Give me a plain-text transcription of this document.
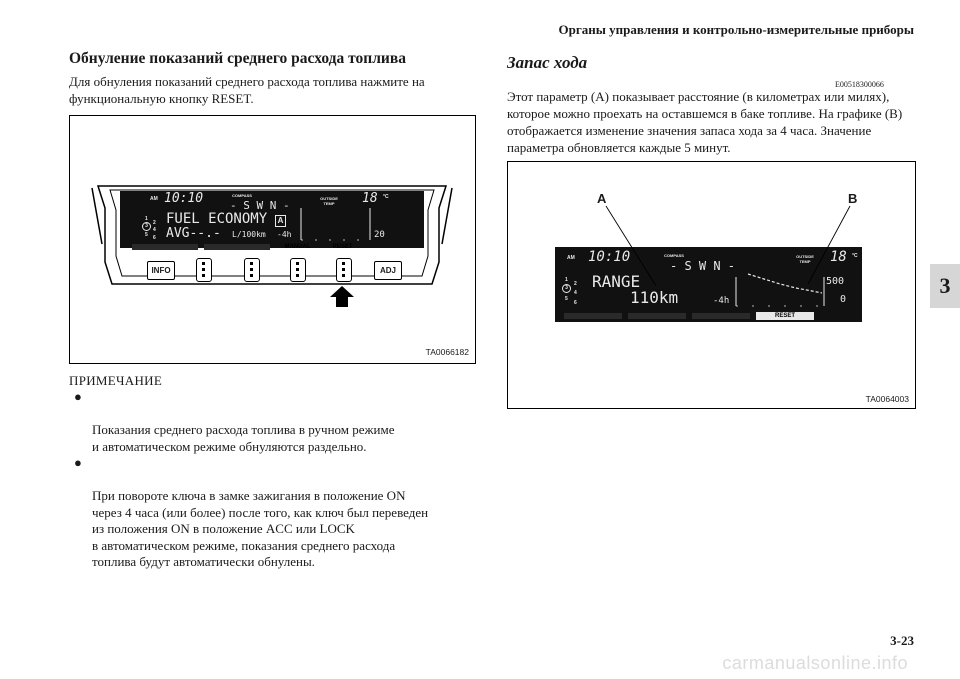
Органы управления и контрольно-измерительные приборы
3
3-23
carmanualsonline.info
Обнуление показаний среднего расхода топлива
Для обнуления показаний среднего расхода топлива нажмите на функциональную кнопку RESET.
AM 10:10	COMPASS
- S W N -
OUTSIDE TEMP	18 °C
1
2
3
4
5 6
FUEL ECONOMY	A
AVG--.- L/100km -4h	20
MANUAL	RESET
INFO	ADJ
TA0066182
ПРИМЕЧАНИЕ

●

Показания среднего расхода топлива в ручном режиме
и автоматическом режиме обнуляются раздельно.

●

При повороте ключа в замке зажигания в положение ON
через 4 часа (или более) после того, как ключ был переведен
из положения ON в положение ACC или LOCK
в автоматическом режиме, показания среднего расхода
топлива будут автоматически обнулены.

Запас хода
E00518300066
Этот параметр (А) показывает расстояние (в километрах или милях), которое можно проехать на оставшемся в баке топливе. На графике (В) отображается изменение значения запаса хода за 4 часа. Значение параметра обновляется каждые 5 минут.
AM 10:10	COMPASS
- S W N -
OUTSIDE TEMP	18 °C
1
2
3
4
5
6
RANGE
110km	-4h
500
0
RESET
A	B
TA0064003
